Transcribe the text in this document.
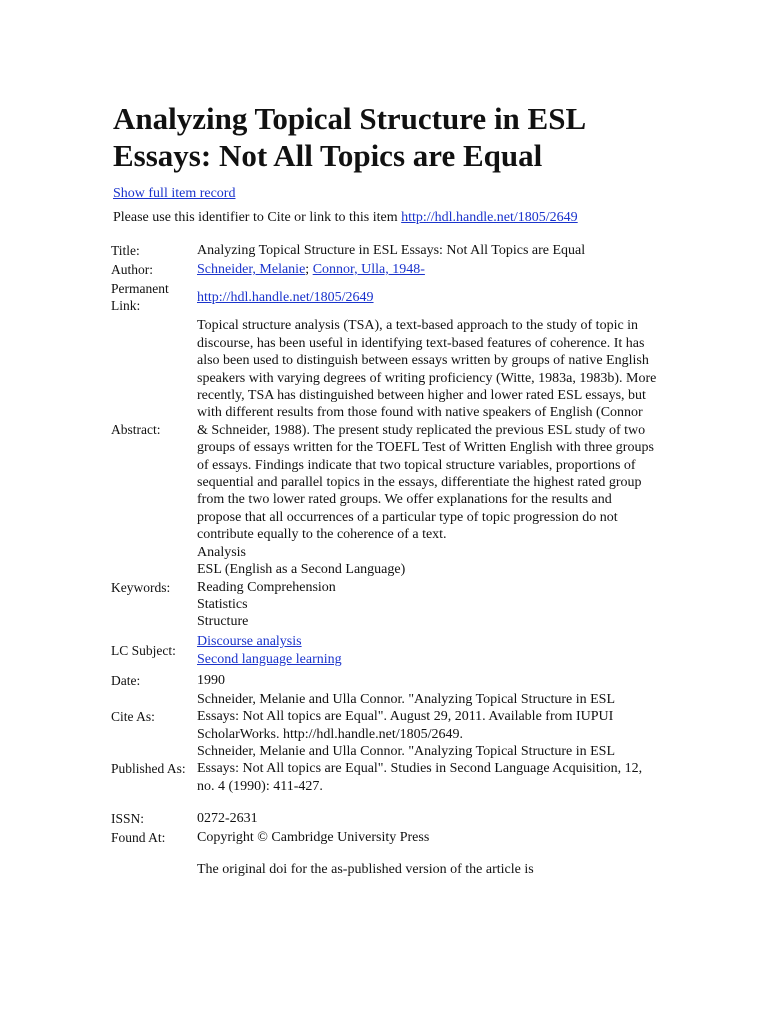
Analyzing Topical Structure in ESL Essays: Not All Topics are Equal
Show full item record
Please use this identifier to Cite or link to this item http://hdl.handle.net/1805/2649
Title:	Analyzing Topical Structure in ESL Essays: Not All Topics are Equal
Author:	Schneider, Melanie; Connor, Ulla, 1948-
Permanent Link:	http://hdl.handle.net/1805/2649
Abstract:	Topical structure analysis (TSA), a text-based approach to the study of topic in discourse, has been useful in identifying text-based features of coherence. It has also been used to distinguish between essays written by groups of native English speakers with varying degrees of writing proficiency (Witte, 1983a, 1983b). More recently, TSA has distinguished between higher and lower rated ESL essays, but with different results from those found with native speakers of English (Connor & Schneider, 1988). The present study replicated the previous ESL study of two groups of essays written for the TOEFL Test of Written English with three groups of essays. Findings indicate that two topical structure variables, proportions of sequential and parallel topics in the essays, differentiate the highest rated group from the two lower rated groups. We offer explanations for the results and propose that all occurrences of a particular type of topic progression do not contribute equally to the coherence of a text.
Keywords:	Analysis
ESL (English as a Second Language)
Reading Comprehension
Statistics
Structure

LC Subject:	Discourse analysis
Second language learning

Date:	1990
Cite As:	Schneider, Melanie and Ulla Connor. "Analyzing Topical Structure in ESL Essays: Not All topics are Equal". August 29, 2011. Available from IUPUI ScholarWorks. http://hdl.handle.net/1805/2649.
Published As:	Schneider, Melanie and Ulla Connor. "Analyzing Topical Structure in ESL Essays: Not All topics are Equal". Studies in Second Language Acquisition, 12, no. 4 (1990): 411-427.

ISSN:	0272-2631
Found At:	Copyright © Cambridge University Press

	The original doi for the as-published version of the article is
